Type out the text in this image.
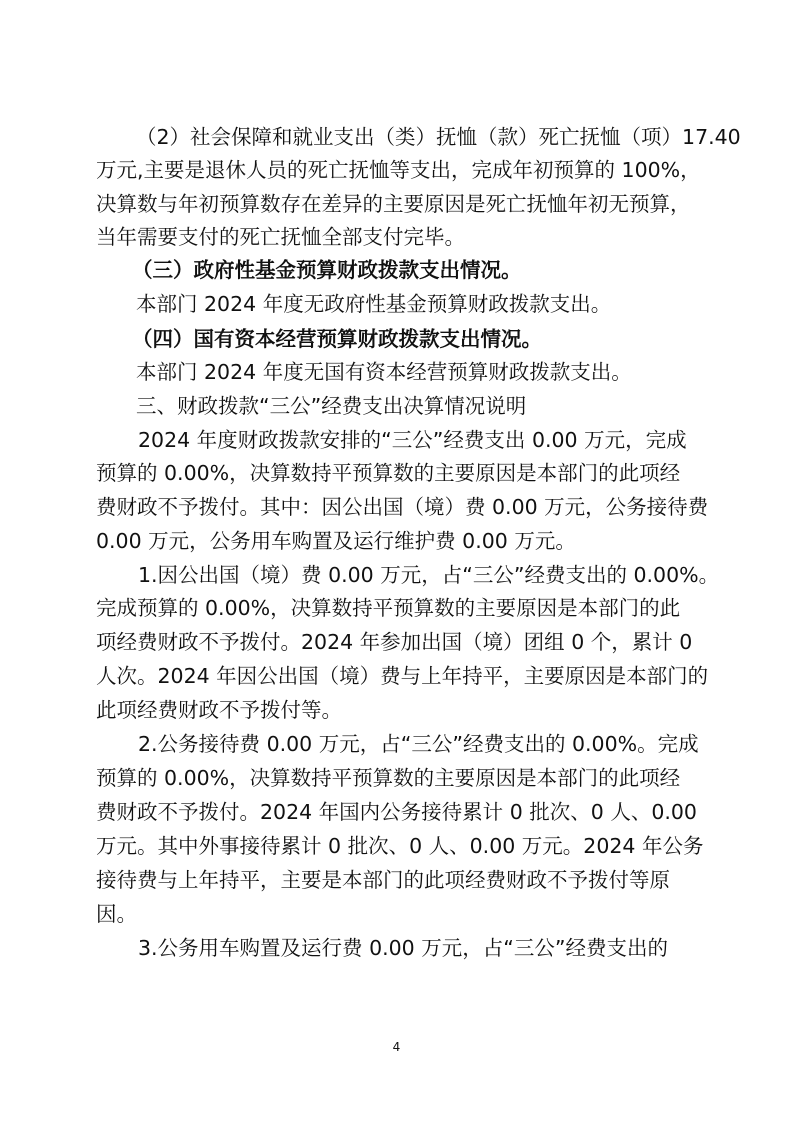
（2）社会保障和就业支出（类）抚恤（款）死亡抚恤（项）17.40
万元,主要是退休人员的死亡抚恤等支出，完成年初预算的 100%，
决算数与年初预算数存在差异的主要原因是死亡抚恤年初无预算，
当年需要支付的死亡抚恤全部支付完毕。
（三）政府性基金预算财政拨款支出情况。
本部门 2024 年度无政府性基金预算财政拨款支出。
（四）国有资本经营预算财政拨款支出情况。
本部门 2024 年度无国有资本经营预算财政拨款支出。
三、财政拨款“三公”经费支出决算情况说明
2024 年度财政拨款安排的“三公”经费支出 0.00 万元，完成
预算的 0.00%，决算数持平预算数的主要原因是本部门的此项经
费财政不予拨付。其中：因公出国（境）费 0.00 万元，公务接待费
0.00 万元，公务用车购置及运行维护费 0.00 万元。
1.因公出国（境）费 0.00 万元，占“三公”经费支出的 0.00%。
完成预算的 0.00%，决算数持平预算数的主要原因是本部门的此
项经费财政不予拨付。2024 年参加出国（境）团组 0 个，累计 0
人次。2024 年因公出国（境）费与上年持平，主要原因是本部门的
此项经费财政不予拨付等。
2.公务接待费 0.00 万元，占“三公”经费支出的 0.00%。完成
预算的 0.00%，决算数持平预算数的主要原因是本部门的此项经
费财政不予拨付。2024 年国内公务接待累计 0 批次、0 人、0.00
万元。其中外事接待累计 0 批次、0 人、0.00 万元。2024 年公务
接待费与上年持平，主要是本部门的此项经费财政不予拨付等原
因。
3.公务用车购置及运行费 0.00 万元，占“三公”经费支出的
4
